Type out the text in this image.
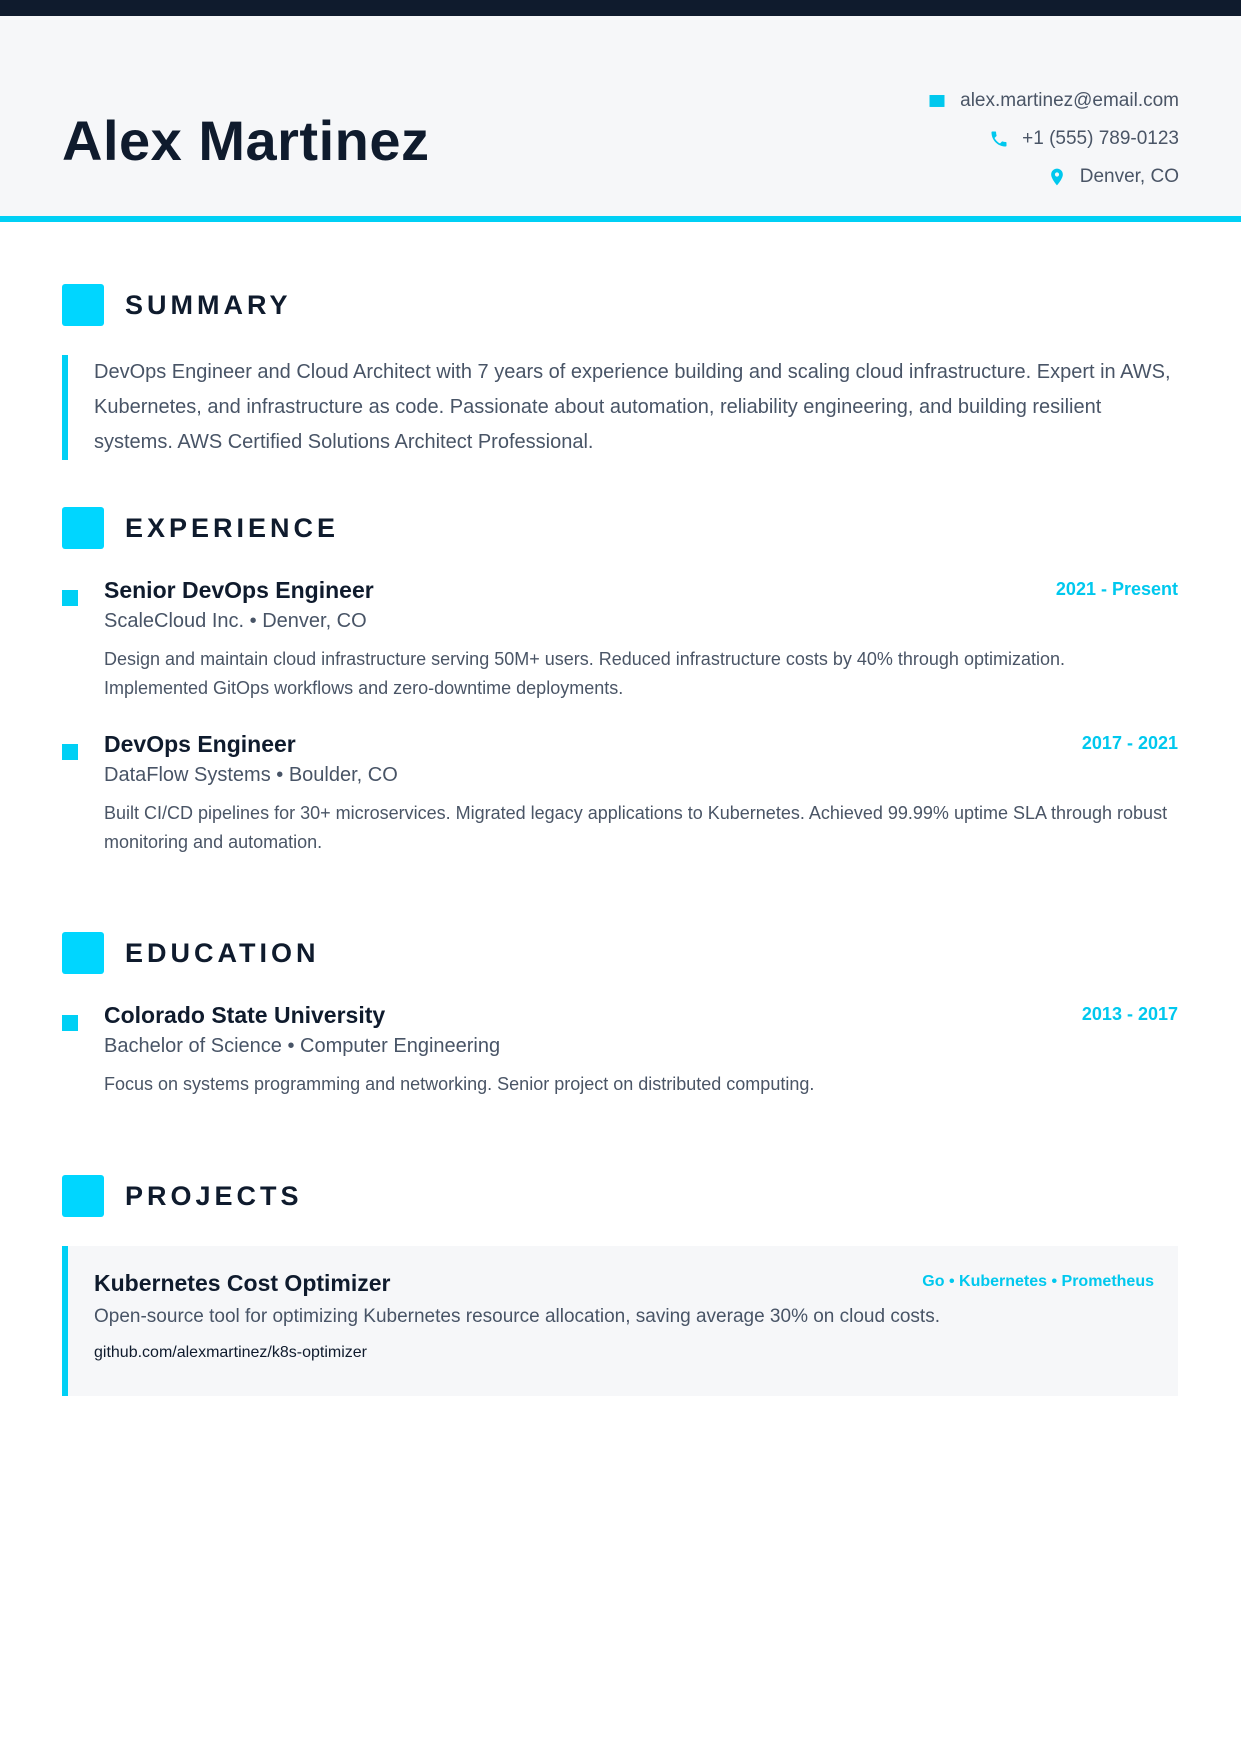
Alex Martinez
alex.martinez@email.com
+1 (555) 789-0123
Denver, CO
SUMMARY
DevOps Engineer and Cloud Architect with 7 years of experience building and scaling cloud infrastructure. Expert in AWS, Kubernetes, and infrastructure as code. Passionate about automation, reliability engineering, and building resilient systems. AWS Certified Solutions Architect Professional.
EXPERIENCE
Senior DevOps Engineer	2021 - Present
ScaleCloud Inc. • Denver, CO
Design and maintain cloud infrastructure serving 50M+ users. Reduced infrastructure costs by 40% through optimization. Implemented GitOps workflows and zero-downtime deployments.
DevOps Engineer	2017 - 2021
DataFlow Systems • Boulder, CO
Built CI/CD pipelines for 30+ microservices. Migrated legacy applications to Kubernetes. Achieved 99.99% uptime SLA through robust monitoring and automation.
EDUCATION
Colorado State University	2013 - 2017
Bachelor of Science • Computer Engineering
Focus on systems programming and networking. Senior project on distributed computing.
PROJECTS
Kubernetes Cost Optimizer	Go • Kubernetes • Prometheus
Open-source tool for optimizing Kubernetes resource allocation, saving average 30% on cloud costs.
github.com/alexmartinez/k8s-optimizer
